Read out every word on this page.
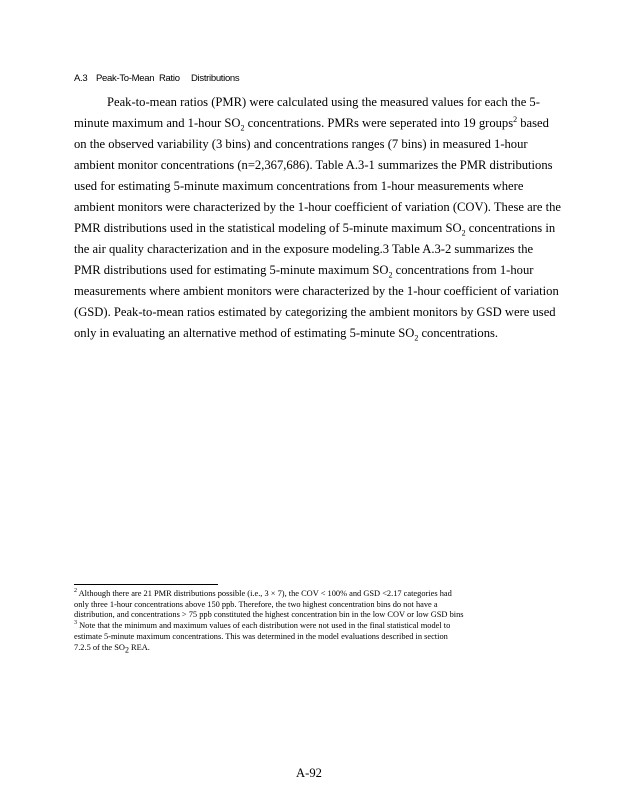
A.3 Peak-To-Mean Ratio Distributions
Peak-to-mean ratios (PMR) were calculated using the measured values for each the 5-
minute maximum and 1-hour $SO_2$ concentrations. PMRs were seperated into 19 groups$^2$ based
on the observed variability (3 bins) and concentrations ranges (7 bins) in measured 1-hour
ambient monitor concentrations (n=2,367,686). Table A.3-1 summarizes the PMR distributions
used for estimating 5-minute maximum concentrations from 1-hour measurements where
ambient monitors were characterized by the 1-hour coefficient of variation (COV). These are the
PMR distributions used in the statistical modeling of 5-minute maximum $SO_2$ concentrations in
the air quality characterization and in the exposure modeling.3 Table A.3-2 summarizes the
PMR distributions used for estimating 5-minute maximum $SO_2$ concentrations from 1-hour
measurements where ambient monitors were characterized by the 1-hour coefficient of variation
(GSD). Peak-to-mean ratios estimated by categorizing the ambient monitors by GSD were used
only in evaluating an alternative method of estimating 5-minute $SO_2$ concentrations.
$^2$ Although there are 21 PMR distributions possible (i.e., 3 × 7), the COV < 100% and GSD <2.17 categories had
only three 1-hour concentrations above 150 ppb. Therefore, the two highest concentration bins do not have a
distribution, and concentrations > 75 ppb constituted the highest concentration bin in the low COV or low GSD bins
$^3$ Note that the minimum and maximum values of each distribution were not used in the final statistical model to
estimate 5-minute maximum concentrations. This was determined in the model evaluations described in section
7.2.5 of the $SO_2$ REA.
A-92
